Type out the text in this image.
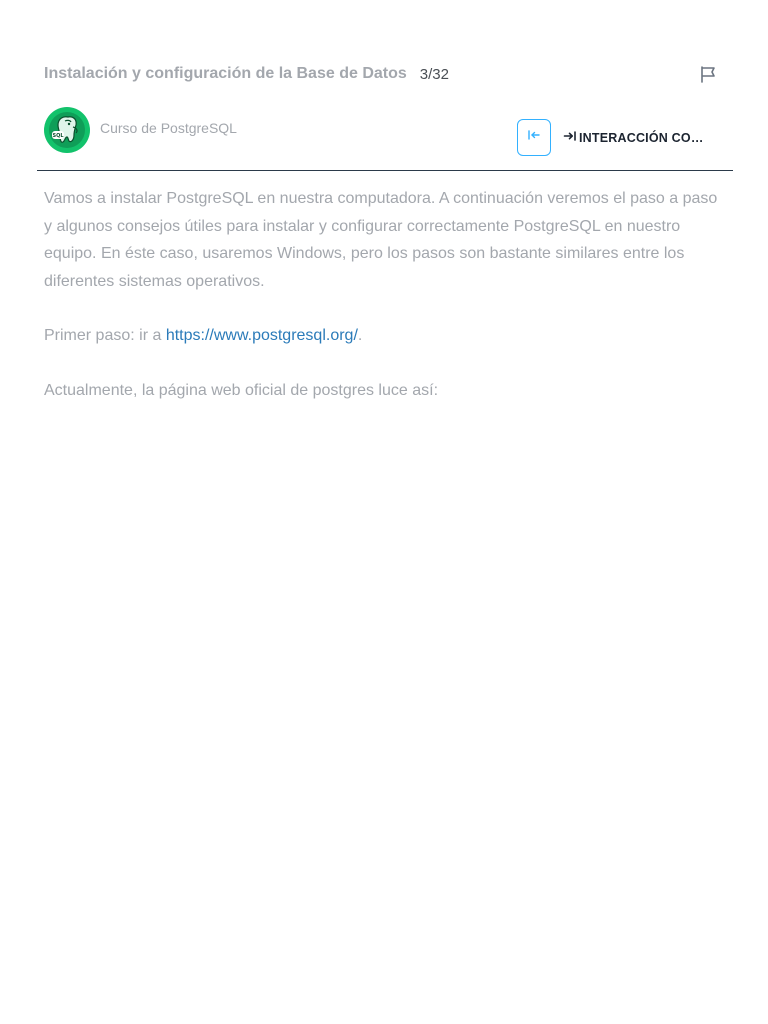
Instalación y configuración de la Base de Datos 3/32
SQL	Curso de PostgreSQL
INTERACCIÓN CO…

Vamos a instalar PostgreSQL en nuestra computadora. A continuación veremos el paso a paso y algunos consejos útiles para instalar y configurar correctamente PostgreSQL en nuestro equipo. En éste caso, usaremos Windows, pero los pasos son bastante similares entre los diferentes sistemas operativos.

Primer paso: ir a https://www.postgresql.org/.

Actualmente, la página web oficial de postgres luce así:
